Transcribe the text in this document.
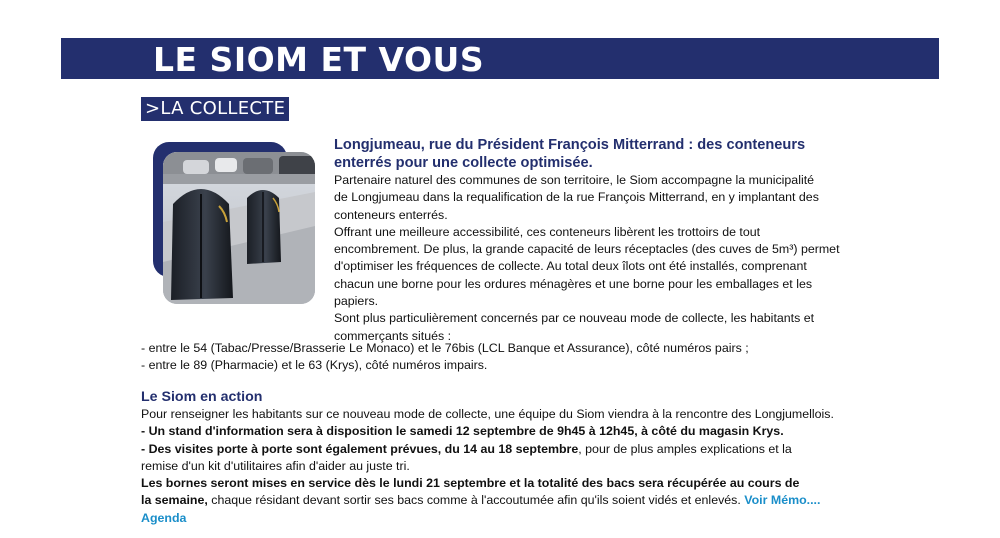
LE SIOM ET VOUS
>LA COLLECTE
Longjumeau, rue du Président François Mitterrand : des conteneurs
enterrés pour une collecte optimisée.
Partenaire naturel des communes de son territoire, le Siom accompagne la municipalité
de Longjumeau dans la requalification de la rue François Mitterrand, en y implantant des
conteneurs enterrés.
Offrant une meilleure accessibilité, ces conteneurs libèrent les trottoirs de tout
encombrement. De plus, la grande capacité de leurs réceptacles (des cuves de 5m³) permet
d'optimiser les fréquences de collecte. Au total deux îlots ont été installés, comprenant
chacun une borne pour les ordures ménagères et une borne pour les emballages et les
papiers.
Sont plus particulièrement concernés par ce nouveau mode de collecte, les habitants et
commerçants situés :
- entre le 54 (Tabac/Presse/Brasserie Le Monaco) et le 76bis (LCL Banque et Assurance), côté numéros pairs ;
- entre le 89 (Pharmacie) et le 63 (Krys), côté numéros impairs.
Le Siom en action
Pour renseigner les habitants sur ce nouveau mode de collecte, une équipe du Siom viendra à la rencontre des Longjumellois.
- Un stand d'information sera à disposition le samedi 12 septembre de 9h45 à 12h45, à côté du magasin Krys.
- Des visites porte à porte sont également prévues, du 14 au 18 septembre, pour de plus amples explications et la
remise d'un kit d'utilitaires afin d'aider au juste tri.
Les bornes seront mises en service dès le lundi 21 septembre et la totalité des bacs sera récupérée au cours de
la semaine, chaque résidant devant sortir ses bacs comme à l'accoutumée afin qu'ils soient vidés et enlevés. Voir Mémo....
Agenda
